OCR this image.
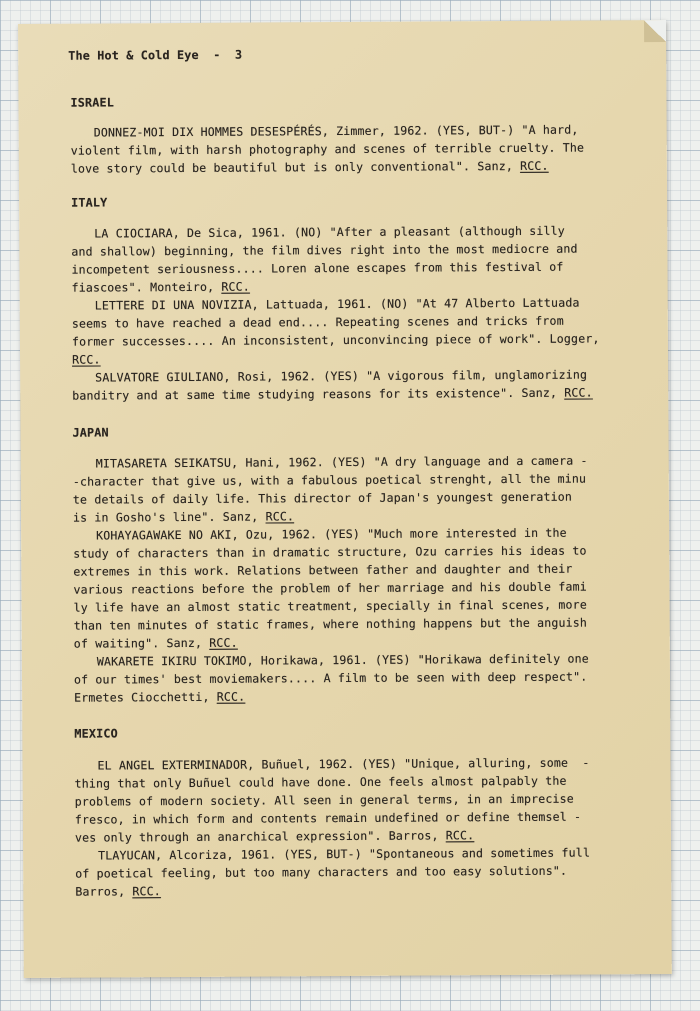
The Hot & Cold Eye  -  3
ISRAEL
DONNEZ-MOI DIX HOMMES DESESPÉRÉS, Zimmer, 1962. (YES, BUT-) "A hard,
violent film, with harsh photography and scenes of terrible cruelty. The
love story could be beautiful but is only conventional". Sanz, RCC.
ITALY
LA CIOCIARA, De Sica, 1961. (NO) "After a pleasant (although silly
and shallow) beginning, the film dives right into the most mediocre and
incompetent seriousness.... Loren alone escapes from this festival of
fiascoes". Monteiro, RCC.
LETTERE DI UNA NOVIZIA, Lattuada, 1961. (NO) "At 47 Alberto Lattuada
seems to have reached a dead end.... Repeating scenes and tricks from
former successes.... An inconsistent, unconvincing piece of work". Logger,
RCC.
SALVATORE GIULIANO, Rosi, 1962. (YES) "A vigorous film, unglamorizing
banditry and at same time studying reasons for its existence". Sanz, RCC.
JAPAN
MITASARETA SEIKATSU, Hani, 1962. (YES) "A dry language and a camera -
-character that give us, with a fabulous poetical strenght, all the minu
te details of daily life. This director of Japan's youngest generation
is in Gosho's line". Sanz, RCC.
KOHAYAGAWAKE NO AKI, Ozu, 1962. (YES) "Much more interested in the
study of characters than in dramatic structure, Ozu carries his ideas to
extremes in this work. Relations between father and daughter and their
various reactions before the problem of her marriage and his double fami
ly life have an almost static treatment, specially in final scenes, more
than ten minutes of static frames, where nothing happens but the anguish
of waiting". Sanz, RCC.
WAKARETE IKIRU TOKIMO, Horikawa, 1961. (YES) "Horikawa definitely one
of our times' best moviemakers.... A film to be seen with deep respect".
Ermetes Ciocchetti, RCC.
MEXICO
EL ANGEL EXTERMINADOR, Buñuel, 1962. (YES) "Unique, alluring, some  -
thing that only Buñuel could have done. One feels almost palpably the
problems of modern society. All seen in general terms, in an imprecise
fresco, in which form and contents remain undefined or define themsel -
ves only through an anarchical expression". Barros, RCC.
TLAYUCAN, Alcoriza, 1961. (YES, BUT-) "Spontaneous and sometimes full
of poetical feeling, but too many characters and too easy solutions".
Barros, RCC.
